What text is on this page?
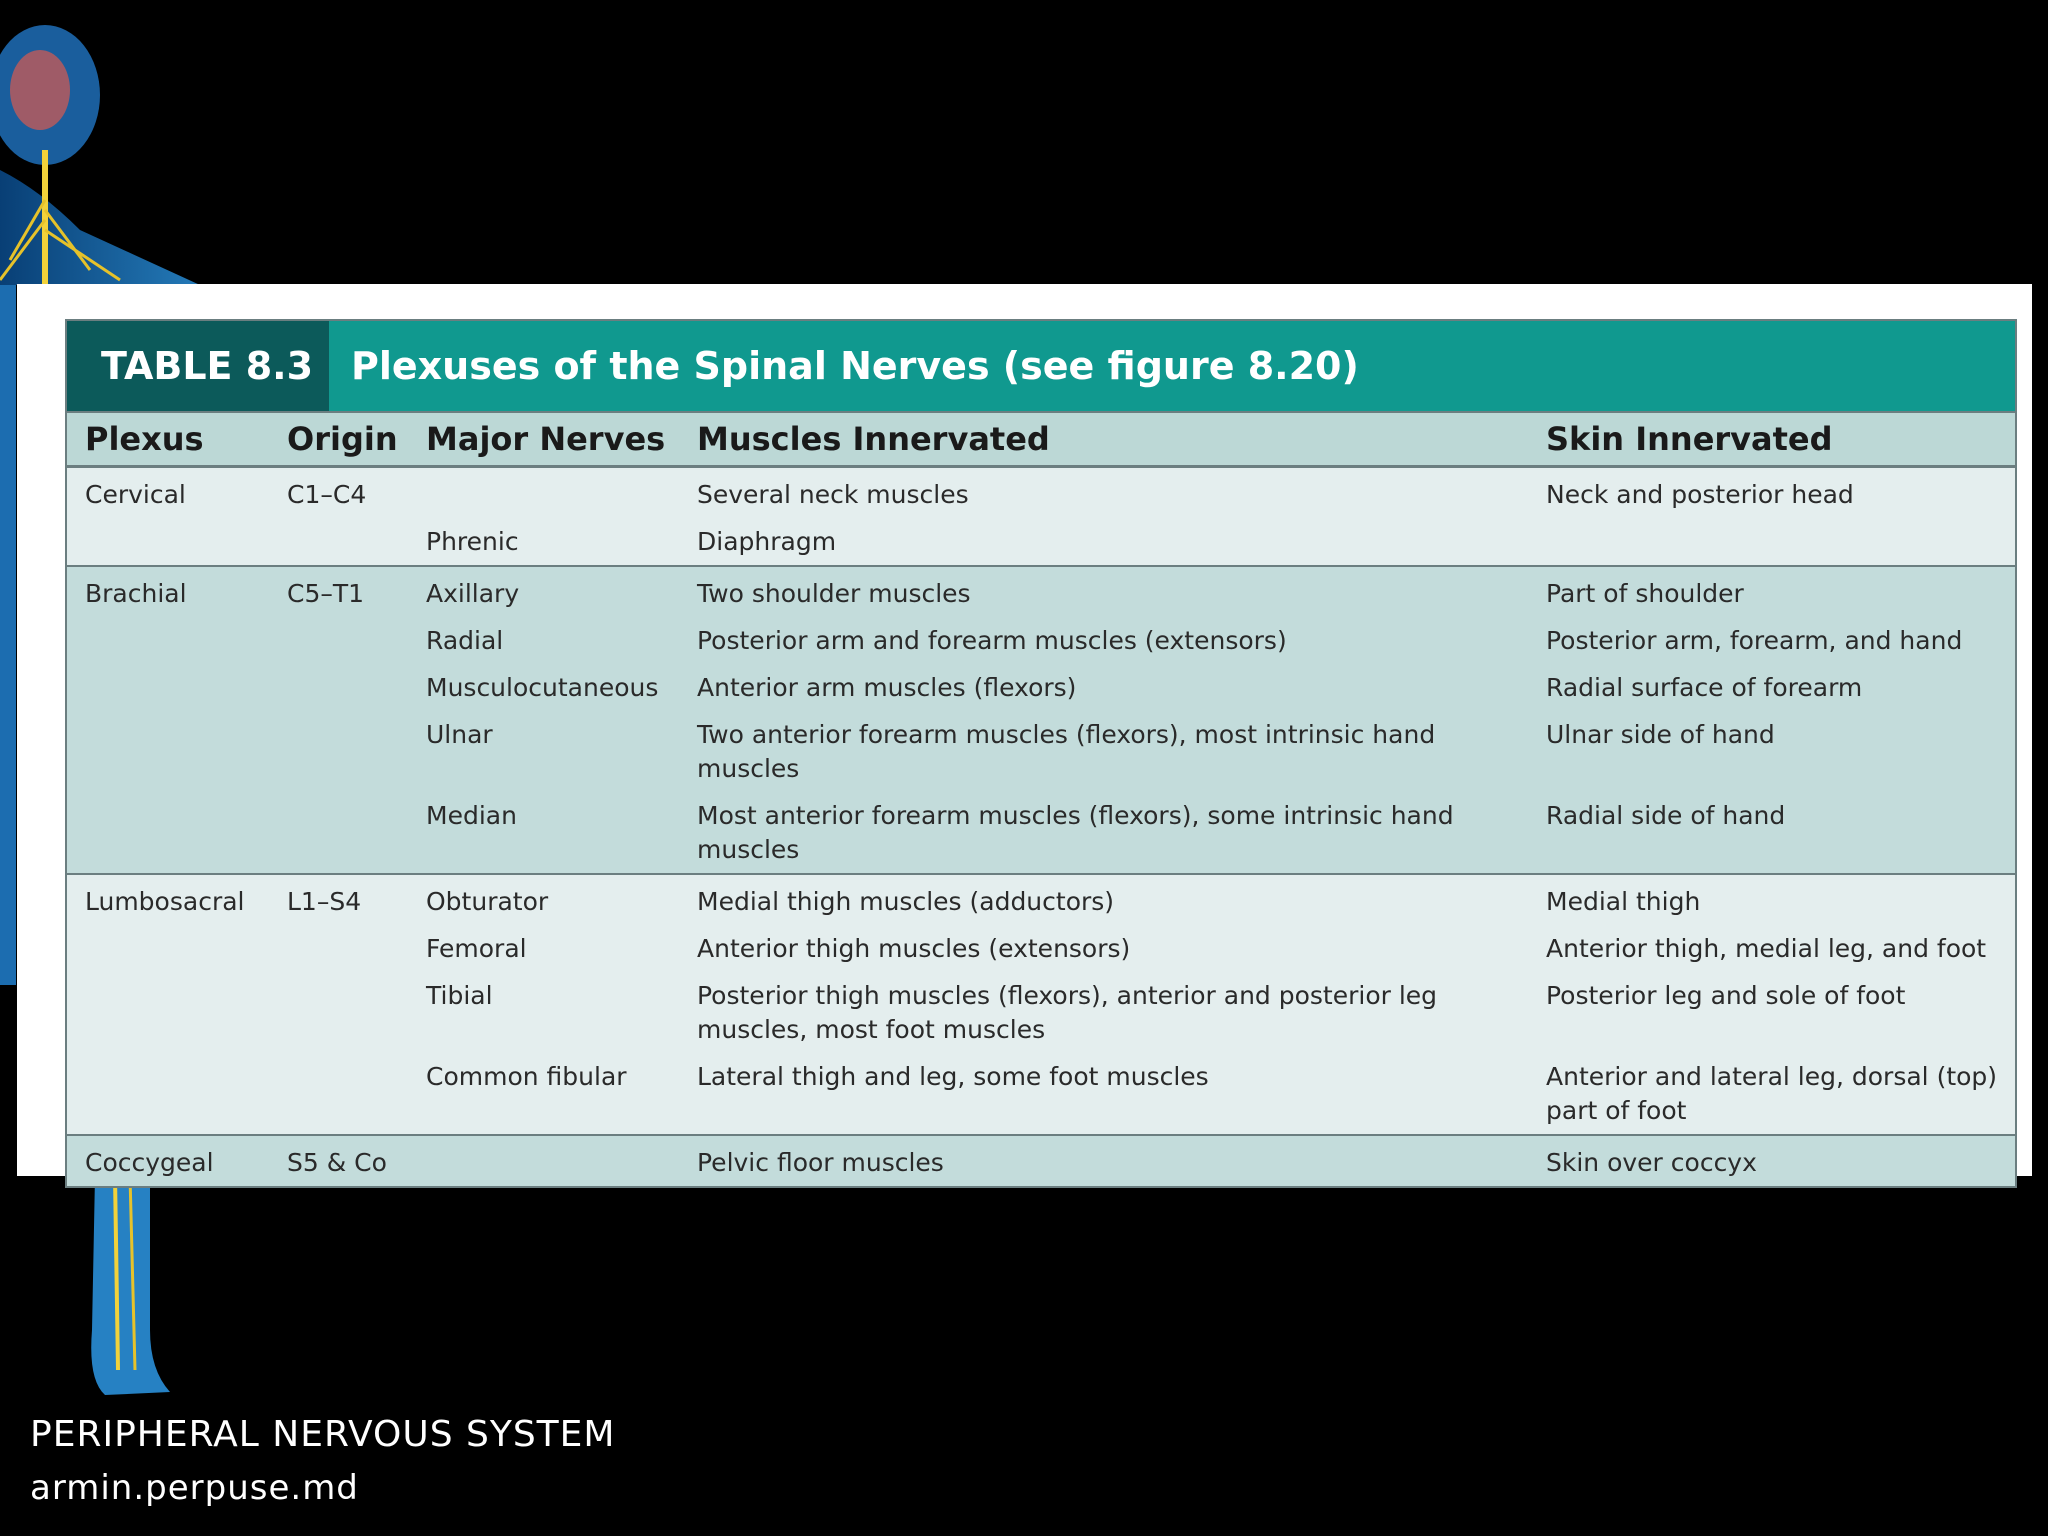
TABLE 8.3 Plexuses of the Spinal Nerves (see figure 8.20)
Plexus	Origin	Major Nerves	Muscles Innervated	Skin Innervated
Cervical	C1–C4		Several neck muscles	Neck and posterior head
		Phrenic	Diaphragm	
Brachial	C5–T1	Axillary	Two shoulder muscles	Part of shoulder
		Radial	Posterior arm and forearm muscles (extensors)	Posterior arm, forearm, and hand
		Musculocutaneous	Anterior arm muscles (flexors)	Radial surface of forearm
		Ulnar	Two anterior forearm muscles (flexors), most intrinsic hand muscles	Ulnar side of hand
		Median	Most anterior forearm muscles (flexors), some intrinsic hand muscles	Radial side of hand
Lumbosacral	L1–S4	Obturator	Medial thigh muscles (adductors)	Medial thigh
		Femoral	Anterior thigh muscles (extensors)	Anterior thigh, medial leg, and foot
		Tibial	Posterior thigh muscles (flexors), anterior and posterior leg muscles, most foot muscles	Posterior leg and sole of foot
		Common fibular	Lateral thigh and leg, some foot muscles	Anterior and lateral leg, dorsal (top) part of foot
Coccygeal	S5 & Co		Pelvic floor muscles	Skin over coccyx
PERIPHERAL NERVOUS SYSTEM
armin.perpuse.md
